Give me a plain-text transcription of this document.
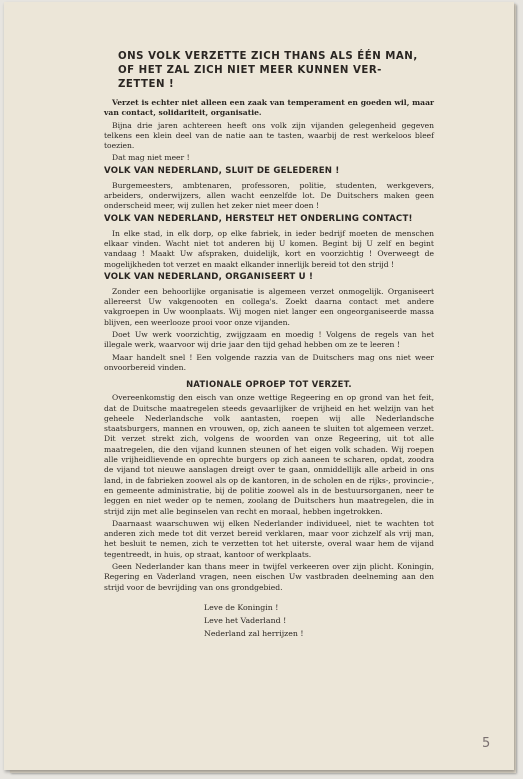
ONS VOLK VERZETTE ZICH THANS ALS ÉÉN MAN,
OF HET ZAL ZICH NIET MEER KUNNEN VER-
ZETTEN !

Verzet is echter niet alleen een zaak van temperament en goeden wil, maar van contact, solidariteit, organisatie.

Bijna drie jaren achtereen heeft ons volk zijn vijanden gelegenheid gegeven telkens een klein deel van de natie aan te tasten, waarbij de rest werkeloos bleef toezien.

Dat mag niet meer !

VOLK VAN NEDERLAND, SLUIT DE GELEDEREN !

Burgemeesters, ambtenaren, professoren, politie, studenten, werkgevers, arbeiders, onderwijzers, allen wacht eenzelfde lot. De Duitschers maken geen onderscheid meer, wij zullen het zeker niet meer doen !

VOLK VAN NEDERLAND, HERSTELT HET ONDERLING CONTACT!

In elke stad, in elk dorp, op elke fabriek, in ieder bedrijf moeten de menschen elkaar vinden. Wacht niet tot anderen bij U komen. Begint bij U zelf en begint vandaag ! Maakt Uw afspraken, duidelijk, kort en voorzichtig ! Overweegt de mogelijkheden tot verzet en maakt elkander innerlijk bereid tot den strijd !

VOLK VAN NEDERLAND, ORGANISEERT U !

Zonder een behoorlijke organisatie is algemeen verzet onmogelijk. Organiseert allereerst Uw vakgenooten en collega's. Zoekt daarna contact met andere vakgroepen in Uw woonplaats. Wij mogen niet langer een ongeorganiseerde massa blijven, een weerlooze prooi voor onze vijanden.

Doet Uw werk voorzichtig, zwijgzaam en moedig ! Volgens de regels van het illegale werk, waarvoor wij drie jaar den tijd gehad hebben om ze te leeren !

Maar handelt snel ! Een volgende razzia van de Duitschers mag ons niet weer onvoorbereid vinden.

NATIONALE OPROEP TOT VERZET.

Overeenkomstig den eisch van onze wettige Regeering en op grond van het feit, dat de Duitsche maatregelen steeds gevaarlijker de vrijheid en het welzijn van het geheele Nederlandsche volk aantasten, roepen wij alle Nederlandsche staatsburgers, mannen en vrouwen, op, zich aaneen te sluiten tot algemeen verzet. Dit verzet strekt zich, volgens de woorden van onze Regeering, uit tot alle maatregelen, die den vijand kunnen steunen of het eigen volk schaden. Wij roepen alle vrijheidlievende en oprechte burgers op zich aaneen te scharen, opdat, zoodra de vijand tot nieuwe aanslagen dreigt over te gaan, onmiddellijk alle arbeid in ons land, in de fabrieken zoowel als op de kantoren, in de scholen en de rijks-, provincie-, en gemeente administratie, bij de politie zoowel als in de bestuursorganen, neer te leggen en niet weder op te nemen, zoolang de Duitschers hun maatregelen, die in strijd zijn met alle beginselen van recht en moraal, hebben ingetrokken.

Daarnaast waarschuwen wij elken Nederlander individueel, niet te wachten tot anderen zich mede tot dit verzet bereid verklaren, maar voor zichzelf als vrij man, het besluit te nemen, zich te verzetten tot het uiterste, overal waar hem de vijand tegentreedt, in huis, op straat, kantoor of werkplaats.

Geen Nederlander kan thans meer in twijfel verkeeren over zijn plicht. Koningin, Regering en Vaderland vragen, neen eischen Uw vastbraden deelneming aan den strijd voor de bevrijding van ons grondgebied.

Leve de Koningin !
Leve het Vaderland !
Nederland zal herrijzen !
5
